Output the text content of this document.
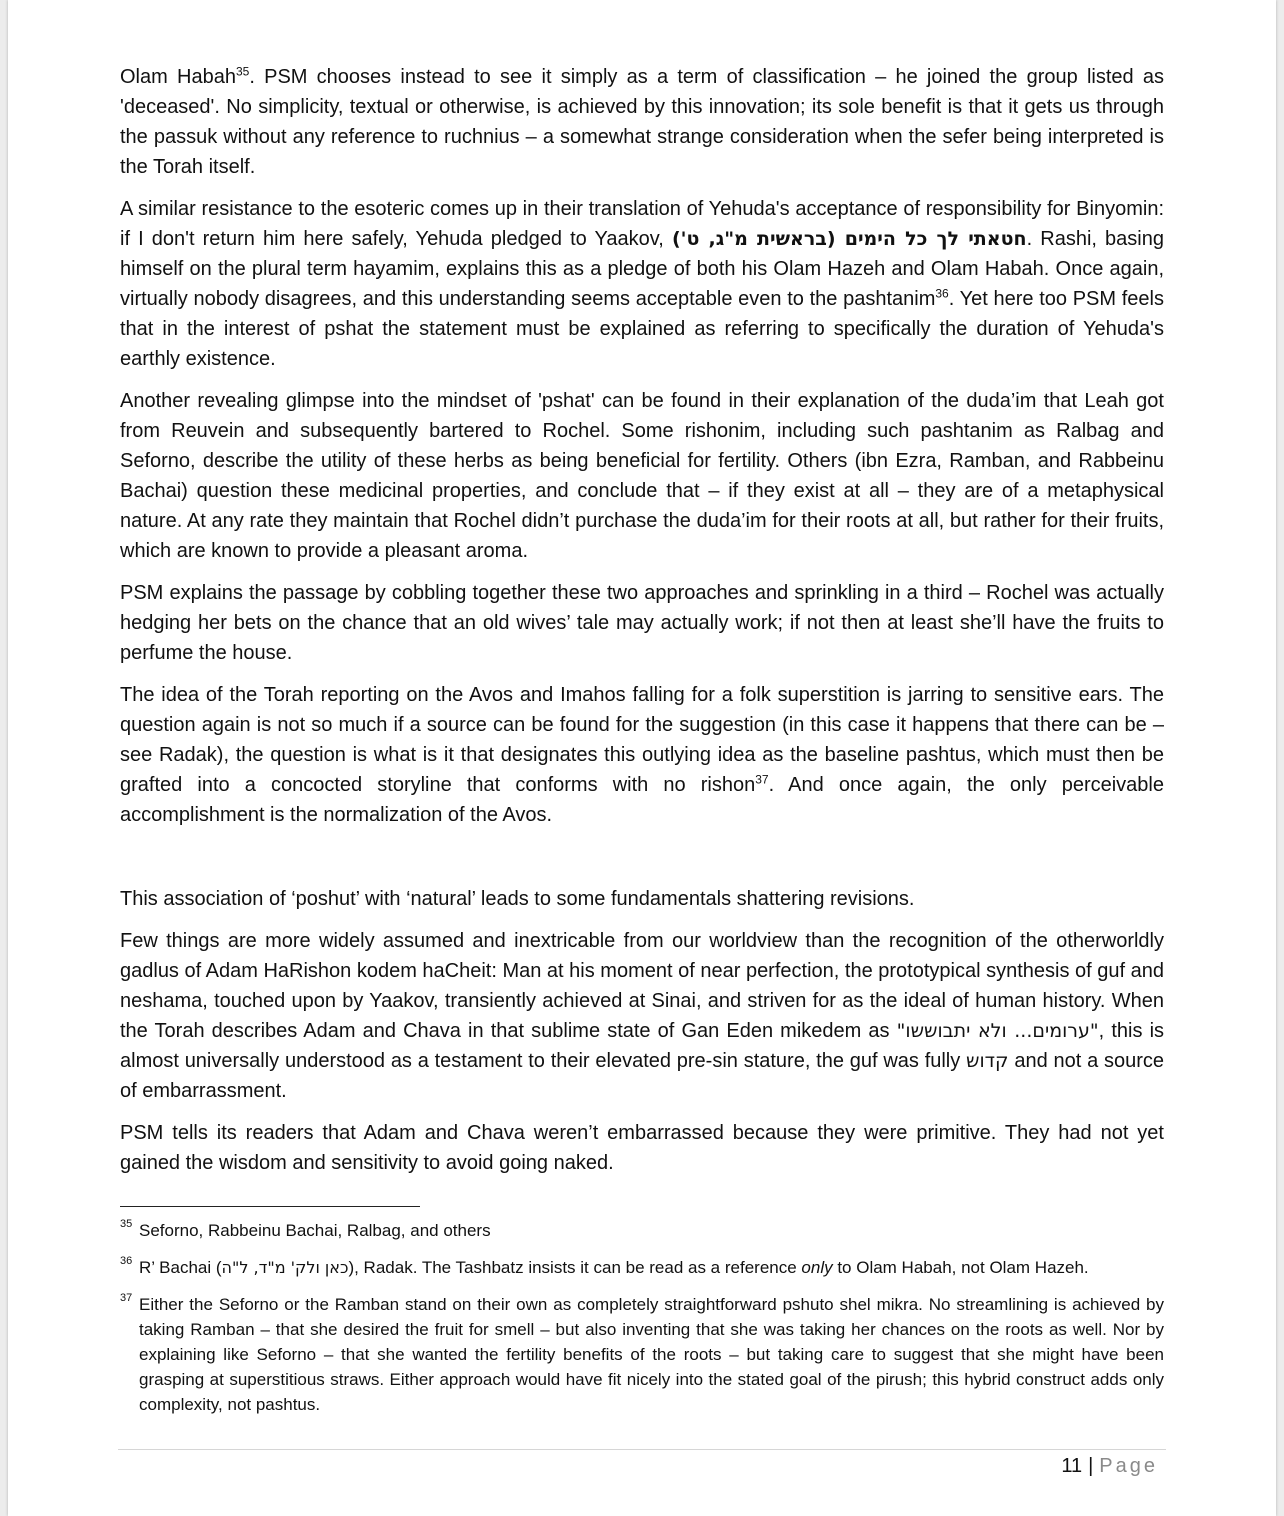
Olam Habah$^{35}$. PSM chooses instead to see it simply as a term of classification – he joined the group listed as 'deceased'. No simplicity, textual or otherwise, is achieved by this innovation; its sole benefit is that it gets us through the passuk without any reference to ruchnius – a somewhat strange consideration when the sefer being interpreted is the Torah itself.

A similar resistance to the esoteric comes up in their translation of Yehuda's acceptance of responsibility for Binyomin: if I don't return him here safely, Yehuda pledged to Yaakov, חטאתי לך כל הימים (בראשית מ"ג, ט'). Rashi, basing himself on the plural term hayamim, explains this as a pledge of both his Olam Hazeh and Olam Habah. Once again, virtually nobody disagrees, and this understanding seems acceptable even to the pashtanim$^{36}$. Yet here too PSM feels that in the interest of pshat the statement must be explained as referring to specifically the duration of Yehuda's earthly existence.

Another revealing glimpse into the mindset of 'pshat' can be found in their explanation of the duda’im that Leah got from Reuvein and subsequently bartered to Rochel. Some rishonim, including such pashtanim as Ralbag and Seforno, describe the utility of these herbs as being beneficial for fertility. Others (ibn Ezra, Ramban, and Rabbeinu Bachai) question these medicinal properties, and conclude that – if they exist at all – they are of a metaphysical nature. At any rate they maintain that Rochel didn’t purchase the duda’im for their roots at all, but rather for their fruits, which are known to provide a pleasant aroma.

PSM explains the passage by cobbling together these two approaches and sprinkling in a third – Rochel was actually hedging her bets on the chance that an old wives’ tale may actually work; if not then at least she’ll have the fruits to perfume the house.

The idea of the Torah reporting on the Avos and Imahos falling for a folk superstition is jarring to sensitive ears. The question again is not so much if a source can be found for the suggestion (in this case it happens that there can be – see Radak), the question is what is it that designates this outlying idea as the baseline pashtus, which must then be grafted into a concocted storyline that conforms with no rishon$^{37}$. And once again, the only perceivable accomplishment is the normalization of the Avos.

This association of ‘poshut’ with ‘natural’ leads to some fundamentals shattering revisions.

Few things are more widely assumed and inextricable from our worldview than the recognition of the otherworldly gadlus of Adam HaRishon kodem haCheit: Man at his moment of near perfection, the prototypical synthesis of guf and neshama, touched upon by Yaakov, transiently achieved at Sinai, and striven for as the ideal of human history. When the Torah describes Adam and Chava in that sublime state of Gan Eden mikedem as "ערומים... ולא יתבוששו", this is almost universally understood as a testament to their elevated pre-sin stature, the guf was fully קדוש and not a source of embarrassment.

PSM tells its readers that Adam and Chava weren’t embarrassed because they were primitive. They had not yet gained the wisdom and sensitivity to avoid going naked.

35 Seforno, Rabbeinu Bachai, Ralbag, and others
36 R’ Bachai (כאן ולק' מ"ד, ל"ה), Radak. The Tashbatz insists it can be read as a reference only to Olam Habah, not Olam Hazeh.
37 Either the Seforno or the Ramban stand on their own as completely straightforward pshuto shel mikra. No streamlining is achieved by taking Ramban – that she desired the fruit for smell – but also inventing that she was taking her chances on the roots as well. Nor by explaining like Seforno – that she wanted the fertility benefits of the roots – but taking care to suggest that she might have been grasping at superstitious straws. Either approach would have fit nicely into the stated goal of the pirush; this hybrid construct adds only complexity, not pashtus.
11 | Page
